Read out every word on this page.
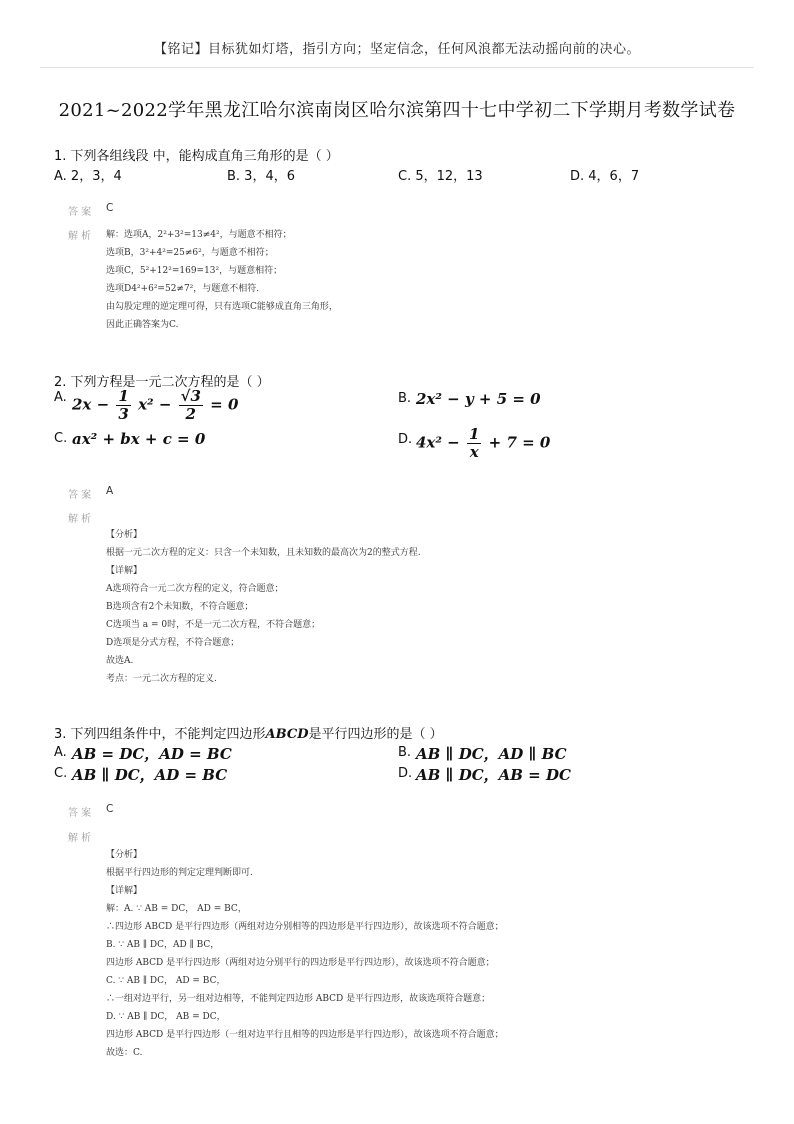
【铭记】目标犹如灯塔，指引方向；坚定信念，任何风浪都无法动摇向前的决心。
2021~2022学年黑龙江哈尔滨南岗区哈尔滨第四十七中学初二下学期月考数学试卷
1. 下列各组线段 中，能构成直角三角形的是（ ）
A. 2，3，4	B. 3，4，6	C. 5，12，13	D. 4，6，7
答 案 C
解 析 解：选项A，2²+3²=13≠4²，与题意不相符；
选项B，3²+4²=25≠6²，与题意不相符；
选项C，5²+12²=169=13²，与题意相符；
选项D4²+6²=52≠7²，与题意不相符．
由勾股定理的逆定理可得，只有选项C能够成直角三角形，
因此正确答案为C.
2. 下列方程是一元二次方程的是（ ）
A. $2x - \frac{1}{3} x^2 - \frac{√3}{2} = 0$	B. 2x² − y + 5 = 0
C. ax² + bx + c = 0	D. $4x^2 - \frac{1}{x} + 7 = 0$
答 案 A
解 析
【分析】
根据一元二次方程的定义：只含一个未知数，且未知数的最高次为2的整式方程.
【详解】
A选项符合一元二次方程的定义，符合题意；
B选项含有2个未知数，不符合题意；
C选项当 a = 0时，不是一元二次方程，不符合题意；
D选项是分式方程，不符合题意；
故选A.
考点：一元二次方程的定义.
3. 下列四组条件中，不能判定四边形ABCD是平行四边形的是（ ）
A. AB = DC，AD = BC	B. AB ∥ DC，AD ∥ BC
C. AB ∥ DC，AD = BC	D. AB ∥ DC，AB = DC
答 案 C
解 析
【分析】
根据平行四边形的判定定理判断即可.
【详解】
解：A. ∵ AB = DC， AD = BC，
∴四边形 ABCD 是平行四边形（两组对边分别相等的四边形是平行四边形），故该选项不符合题意；
B. ∵ AB ∥ DC，AD ∥ BC，
四边形 ABCD 是平行四边形（两组对边分别平行的四边形是平行四边形），故该选项不符合题意；
C. ∵ AB ∥ DC， AD = BC，
∴一组对边平行，另一组对边相等，不能判定四边形 ABCD 是平行四边形，故该选项符合题意；
D. ∵ AB ∥ DC， AB = DC，
四边形 ABCD 是平行四边形（一组对边平行且相等的四边形是平行四边形），故该选项不符合题意；
故选：C.
